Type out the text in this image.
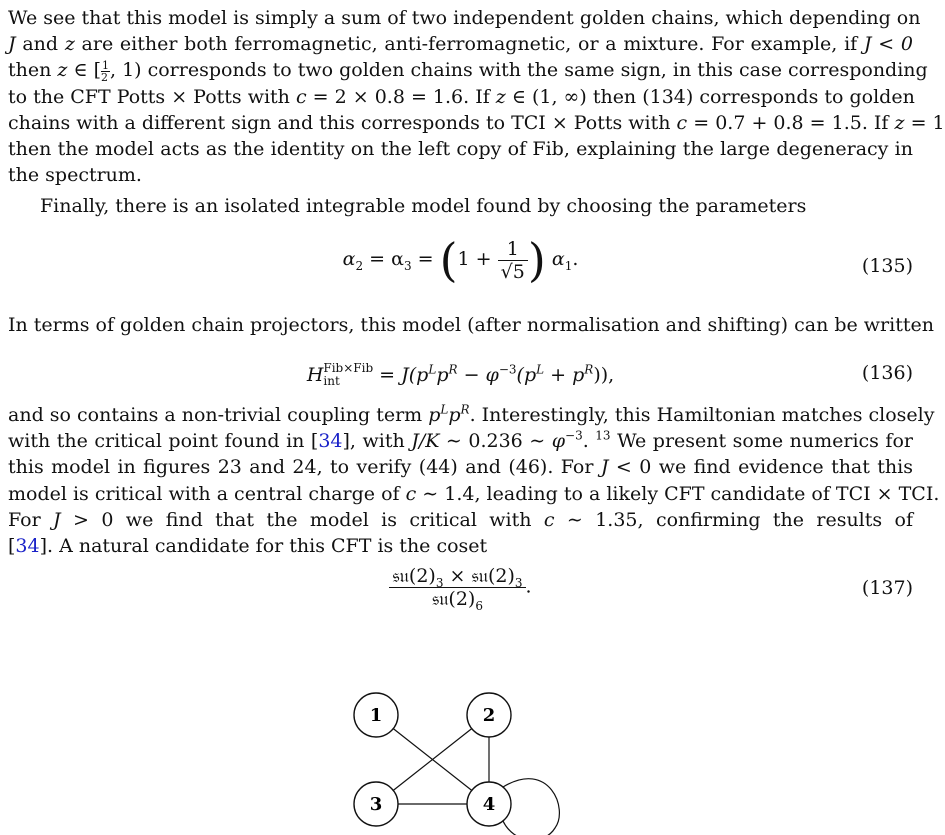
We see that this model is simply a sum of two independent golden chains, which depending on
J and z are either both ferromagnetic, anti-ferromagnetic, or a mixture. For example, if J < 0
then z ∈ [ $\frac{1}{2}$ , 1) corresponds to two golden chains with the same sign, in this case corresponding
to the CFT Potts × Potts with c = 2 × 0.8 = 1.6. If z ∈ (1, ∞) then (134) corresponds to golden
chains with a different sign and this corresponds to TCI × Potts with c = 0.7 + 0.8 = 1.5. If z = 1
then the model acts as the identity on the left copy of Fib, explaining the large degeneracy in
the spectrum.

Finally, there is an isolated integrable model found by choosing the parameters

$\alpha_2 = \alpha_3 = (1 + \frac{1}{√5}$ ) $\alpha_1$.	(135)

In terms of golden chain projectors, this model (after normalisation and shifting) can be written

H Fib×Fib
int	= $J(p^Lp^R - \varphi^{-3}(p^L + p^R))$,	(136)

and so contains a non-trivial coupling term $p^Lp^R$. Interestingly, this Hamiltonian matches closely
with the critical point found in [34], with J/K ∼ 0.236 ∼ $\varphi^{-3}$. $^{13}$ We present some numerics for
this model in figures 23 and 24, to verify (44) and (46). For J < 0 we find evidence that this
model is critical with a central charge of c ∼ 1.4, leading to a likely CFT candidate of TCI × TCI.
For J > 0 we find that the model is critical with c ∼ 1.35, confirming the results of
[34]. A natural candidate for this CFT is the coset

$\frac{𝔰𝔲(2)_3 \times 𝔰𝔲(2)_3}{𝔰𝔲(2)_6}$ .	(137)
1	2
3	4
